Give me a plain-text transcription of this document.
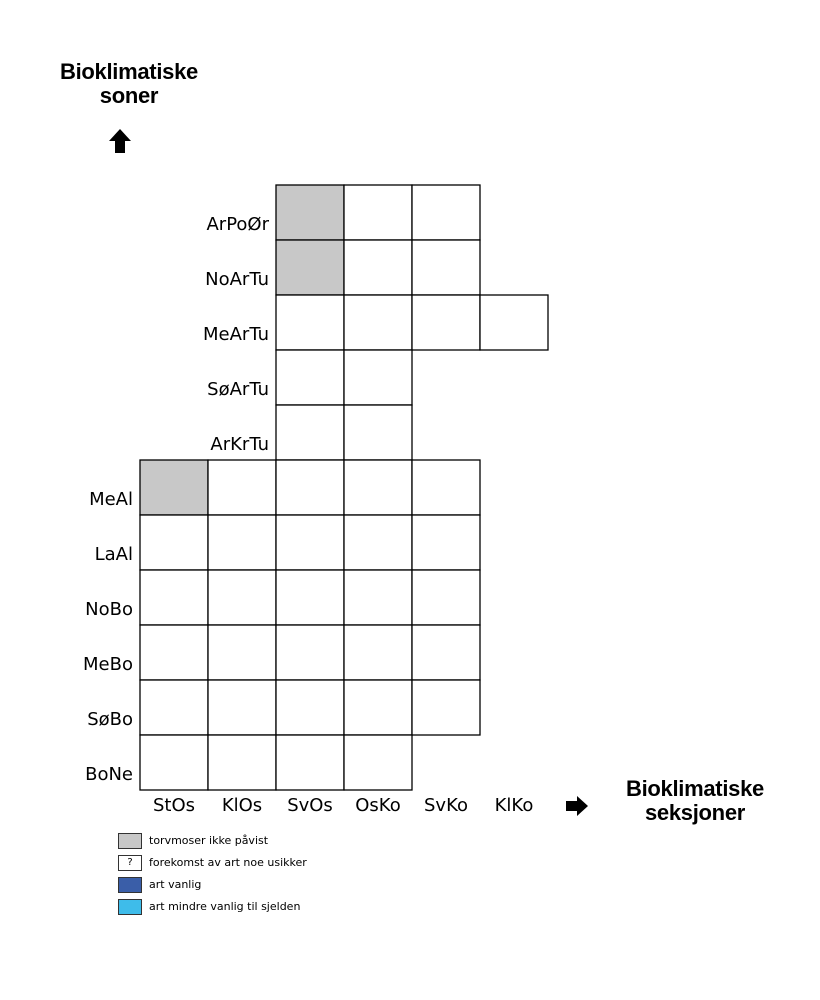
Bioklimatiske
soner
ArPoØr
NoArTu
MeArTu
SøArTu
ArKrTu
MeAl
LaAl
NoBo
MeBo
SøBo
BoNe
StOs	KlOs	SvOs	OsKo	SvKo	KlKo
Bioklimatiske
seksjoner
torvmoser ikke påvist
?	forekomst av art noe usikker
art vanlig
art mindre vanlig til sjelden
